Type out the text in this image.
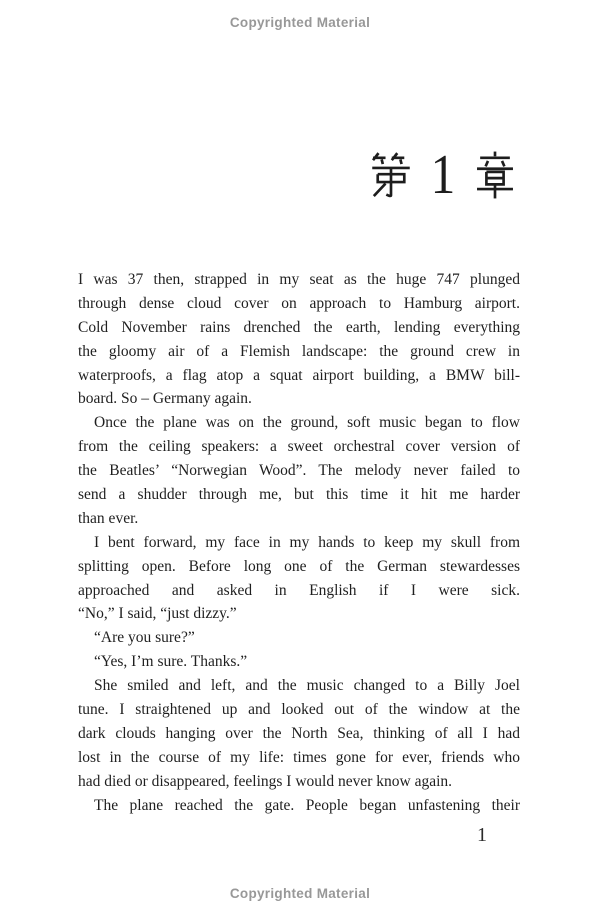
Copyrighted Material
1
I was 37 then, strapped in my seat as the huge 747 plunged
through dense cloud cover on approach to Hamburg airport.
Cold November rains drenched the earth, lending everything
the gloomy air of a Flemish landscape: the ground crew in
waterproofs, a flag atop a squat airport building, a BMW bill-
board. So – Germany again.
Once the plane was on the ground, soft music began to flow
from the ceiling speakers: a sweet orchestral cover version of
the Beatles’ “Norwegian Wood”. The melody never failed to
send a shudder through me, but this time it hit me harder
than ever.
I bent forward, my face in my hands to keep my skull from
splitting open. Before long one of the German stewardesses
approached and asked in English if I were sick.
“No,” I said, “just dizzy.”
“Are you sure?”
“Yes, I’m sure. Thanks.”
She smiled and left, and the music changed to a Billy Joel
tune. I straightened up and looked out of the window at the
dark clouds hanging over the North Sea, thinking of all I had
lost in the course of my life: times gone for ever, friends who
had died or disappeared, feelings I would never know again.
The plane reached the gate. People began unfastening their
1
Copyrighted Material
